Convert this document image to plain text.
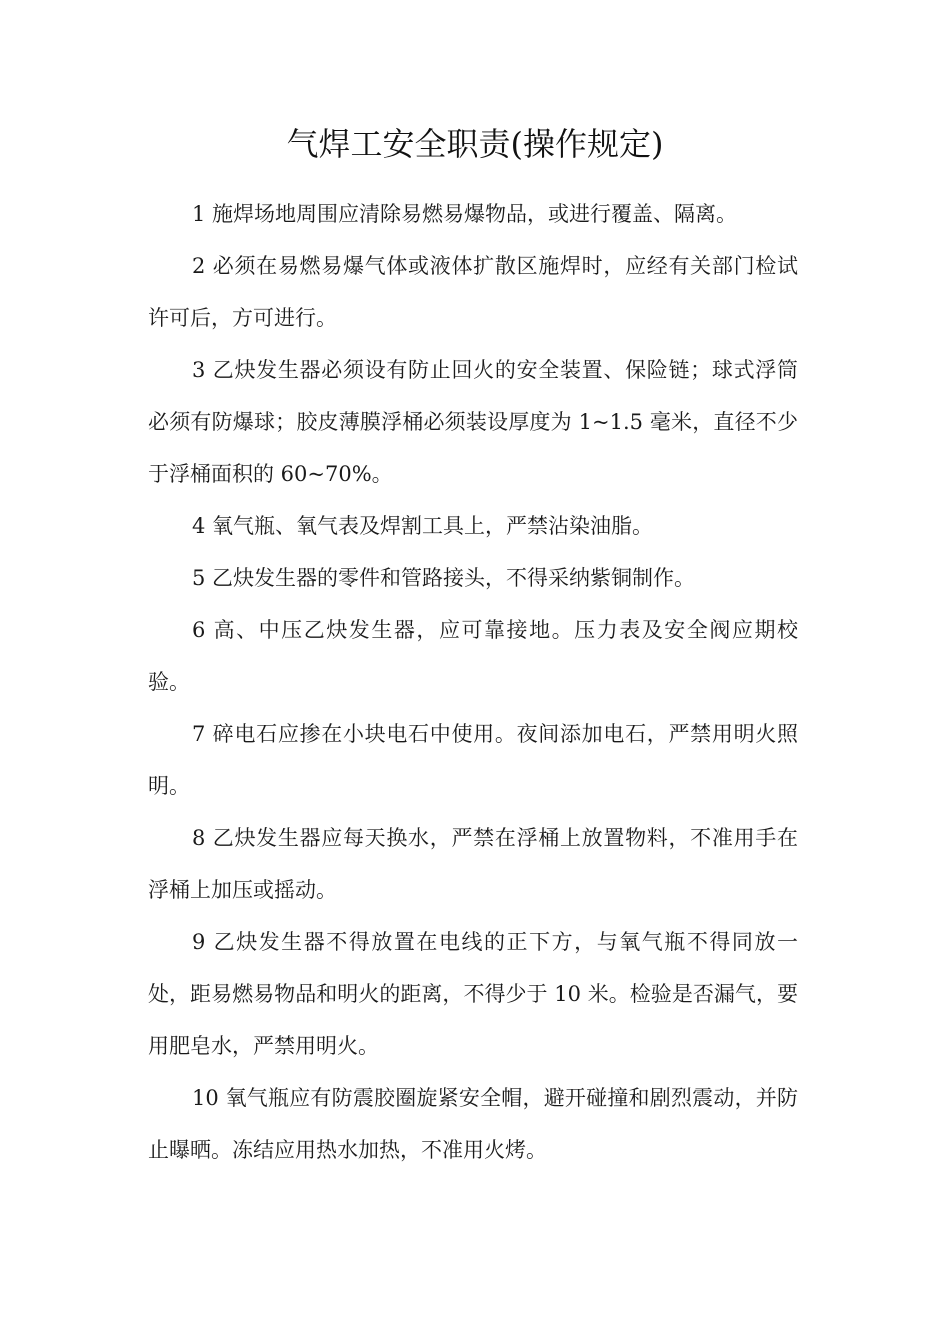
气焊工安全职责(操作规定)

1 施焊场地周围应清除易燃易爆物品，或进行覆盖、隔离。

2 必须在易燃易爆气体或液体扩散区施焊时，应经有关部门检试许可后，方可进行。

3 乙炔发生器必须设有防止回火的安全装置、保险链；球式浮筒必须有防爆球；胶皮薄膜浮桶必须装设厚度为 1~1.5 毫米，直径不少于浮桶面积的 60~70%。

4 氧气瓶、氧气表及焊割工具上，严禁沾染油脂。

5 乙炔发生器的零件和管路接头，不得采纳紫铜制作。

6 高、中压乙炔发生器，应可靠接地。压力表及安全阀应期校验。

7 碎电石应掺在小块电石中使用。夜间添加电石，严禁用明火照明。

8 乙炔发生器应每天换水，严禁在浮桶上放置物料，不准用手在浮桶上加压或摇动。

9 乙炔发生器不得放置在电线的正下方，与氧气瓶不得同放一处，距易燃易物品和明火的距离，不得少于 10 米。检验是否漏气，要用肥皂水，严禁用明火。

10 氧气瓶应有防震胶圈旋紧安全帽，避开碰撞和剧烈震动，并防止曝晒。冻结应用热水加热，不准用火烤。
